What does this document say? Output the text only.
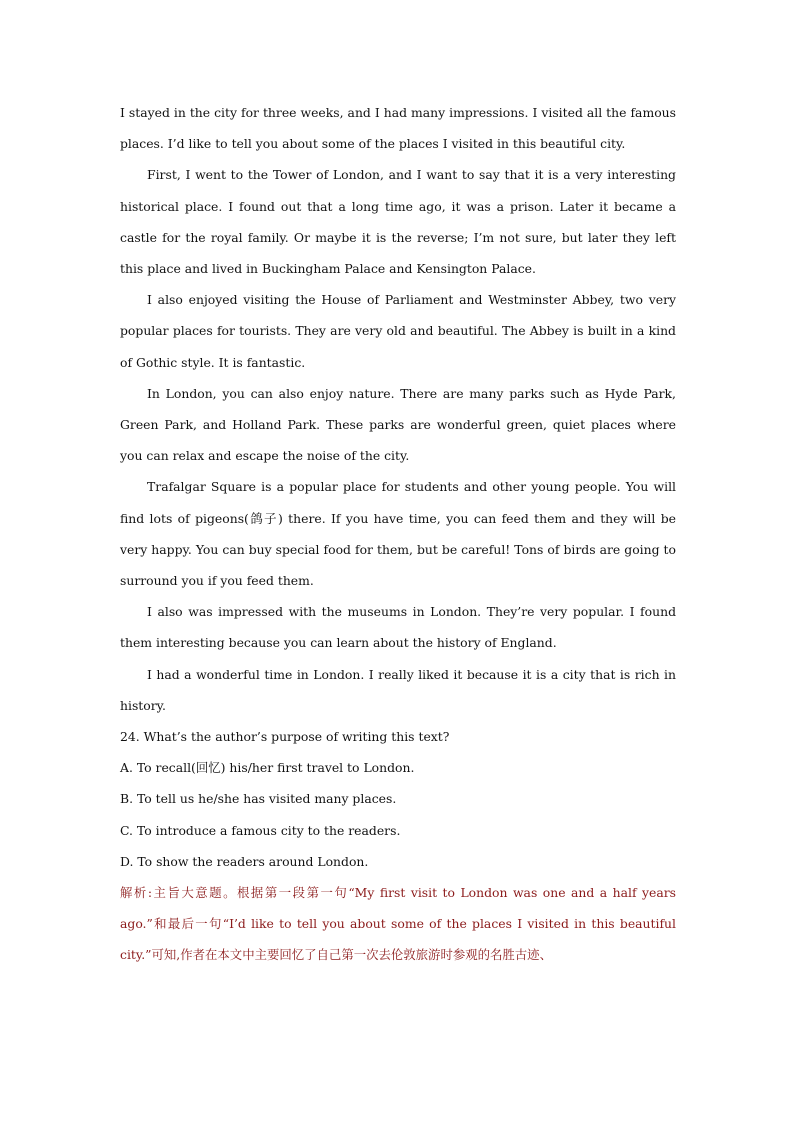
I stayed in the city for three weeks, and I had many impressions. I visited all the famous places. I’d like to tell you about some of the places I visited in this beautiful city.

First, I went to the Tower of London, and I want to say that it is a very interesting historical place. I found out that a long time ago, it was a prison. Later it became a castle for the royal family. Or maybe it is the reverse; I’m not sure, but later they left this place and lived in Buckingham Palace and Kensington Palace.

I also enjoyed visiting the House of Parliament and Westminster Abbey, two very popular places for tourists. They are very old and beautiful. The Abbey is built in a kind of Gothic style. It is fantastic.

In London, you can also enjoy nature. There are many parks such as Hyde Park, Green Park, and Holland Park. These parks are wonderful green, quiet places where you can relax and escape the noise of the city.

Trafalgar Square is a popular place for students and other young people. You will find lots of pigeons(鸽子) there. If you have time, you can feed them and they will be very happy. You can buy special food for them, but be careful! Tons of birds are going to surround you if you feed them.

I also was impressed with the museums in London. They’re very popular. I found them interesting because you can learn about the history of England.

I had a wonderful time in London. I really liked it because it is a city that is rich in history.

24. What’s the author’s purpose of writing this text?

A. To recall(回忆) his/her first travel to London.

B. To tell us he/she has visited many places.

C. To introduce a famous city to the readers.

D. To show the readers around London.

解析:主旨大意题。根据第一段第一句“My first visit to London was one and a half years ago.”和最后一句“I’d like to tell you about some of the places I visited in this beautiful city.”可知,作者在本文中主要回忆了自己第一次去伦敦旅游时参观的名胜古迹、
